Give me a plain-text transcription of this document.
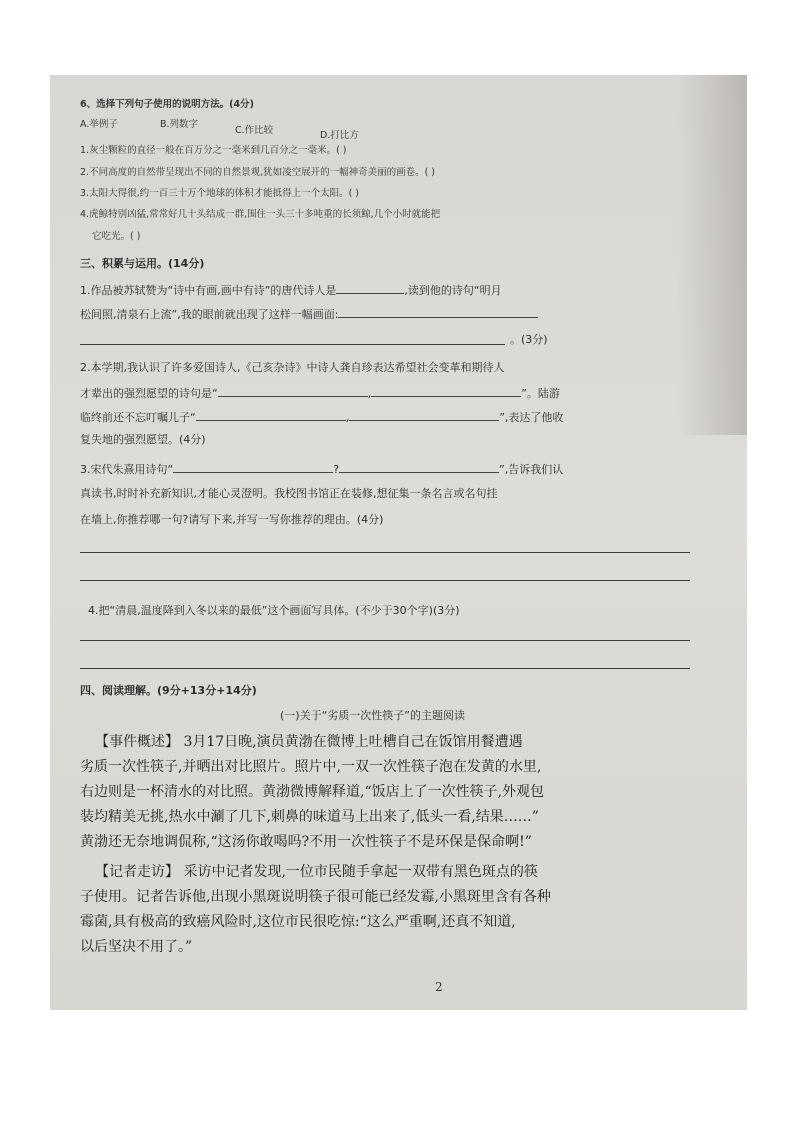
6、选择下列句子使用的说明方法。(4分)
A.举例子	B.列数字
C.作比较	D.打比方
1.灰尘颗粒的直径一般在百万分之一毫米到几百分之一毫米。( )
2.不同高度的自然带呈现出不同的自然景观,犹如凌空展开的一幅神奇美丽的画卷。( )
3.太阳大得很,约一百三十万个地球的体积才能抵得上一个太阳。( )
4.虎鲸特别凶猛,常常好几十头结成一群,围住一头三十多吨重的长须鲸,几个小时就能把
它吃光。( )
三、积累与运用。(14分)
1.作品被苏轼赞为“诗中有画,画中有诗”的唐代诗人是	,读到他的诗句“明月
松间照,清泉石上流”,我的眼前就出现了这样一幅画面:
。(3分)
2.本学期,我认识了许多爱国诗人,《己亥杂诗》中诗人龚自珍表达希望社会变革和期待人
才辈出的强烈愿望的诗句是“	,	”。陆游
临终前还不忘叮嘱儿子“	,	”,表达了他收
复失地的强烈愿望。(4分)
3.宋代朱熹用诗句“	?	”,告诉我们认
真读书,时时补充新知识,才能心灵澄明。我校图书馆正在装修,想征集一条名言或名句挂
在墙上,你推荐哪一句?请写下来,并写一写你推荐的理由。(4分)
4.把“清晨,温度降到入冬以来的最低”这个画面写具体。(不少于30个字)(3分)
四、阅读理解。(9分+13分+14分)
(一)关于“劣质一次性筷子”的主题阅读
【事件概述】 3月17日晚,演员黄渤在微博上吐槽自己在饭馆用餐遭遇
劣质一次性筷子,并晒出对比照片。照片中,一双一次性筷子泡在发黄的水里,
右边则是一杯清水的对比照。黄渤微博解释道,“饭店上了一次性筷子,外观包
装均精美无挑,热水中涮了几下,刺鼻的味道马上出来了,低头一看,结果……”
黄渤还无奈地调侃称,“这汤你敢喝吗?不用一次性筷子不是环保是保命啊!”
【记者走访】 采访中记者发现,一位市民随手拿起一双带有黑色斑点的筷
子使用。记者告诉他,出现小黑斑说明筷子很可能已经发霉,小黑斑里含有各种
霉菌,具有极高的致癌风险时,这位市民很吃惊:“这么严重啊,还真不知道,
以后坚决不用了。”
2
